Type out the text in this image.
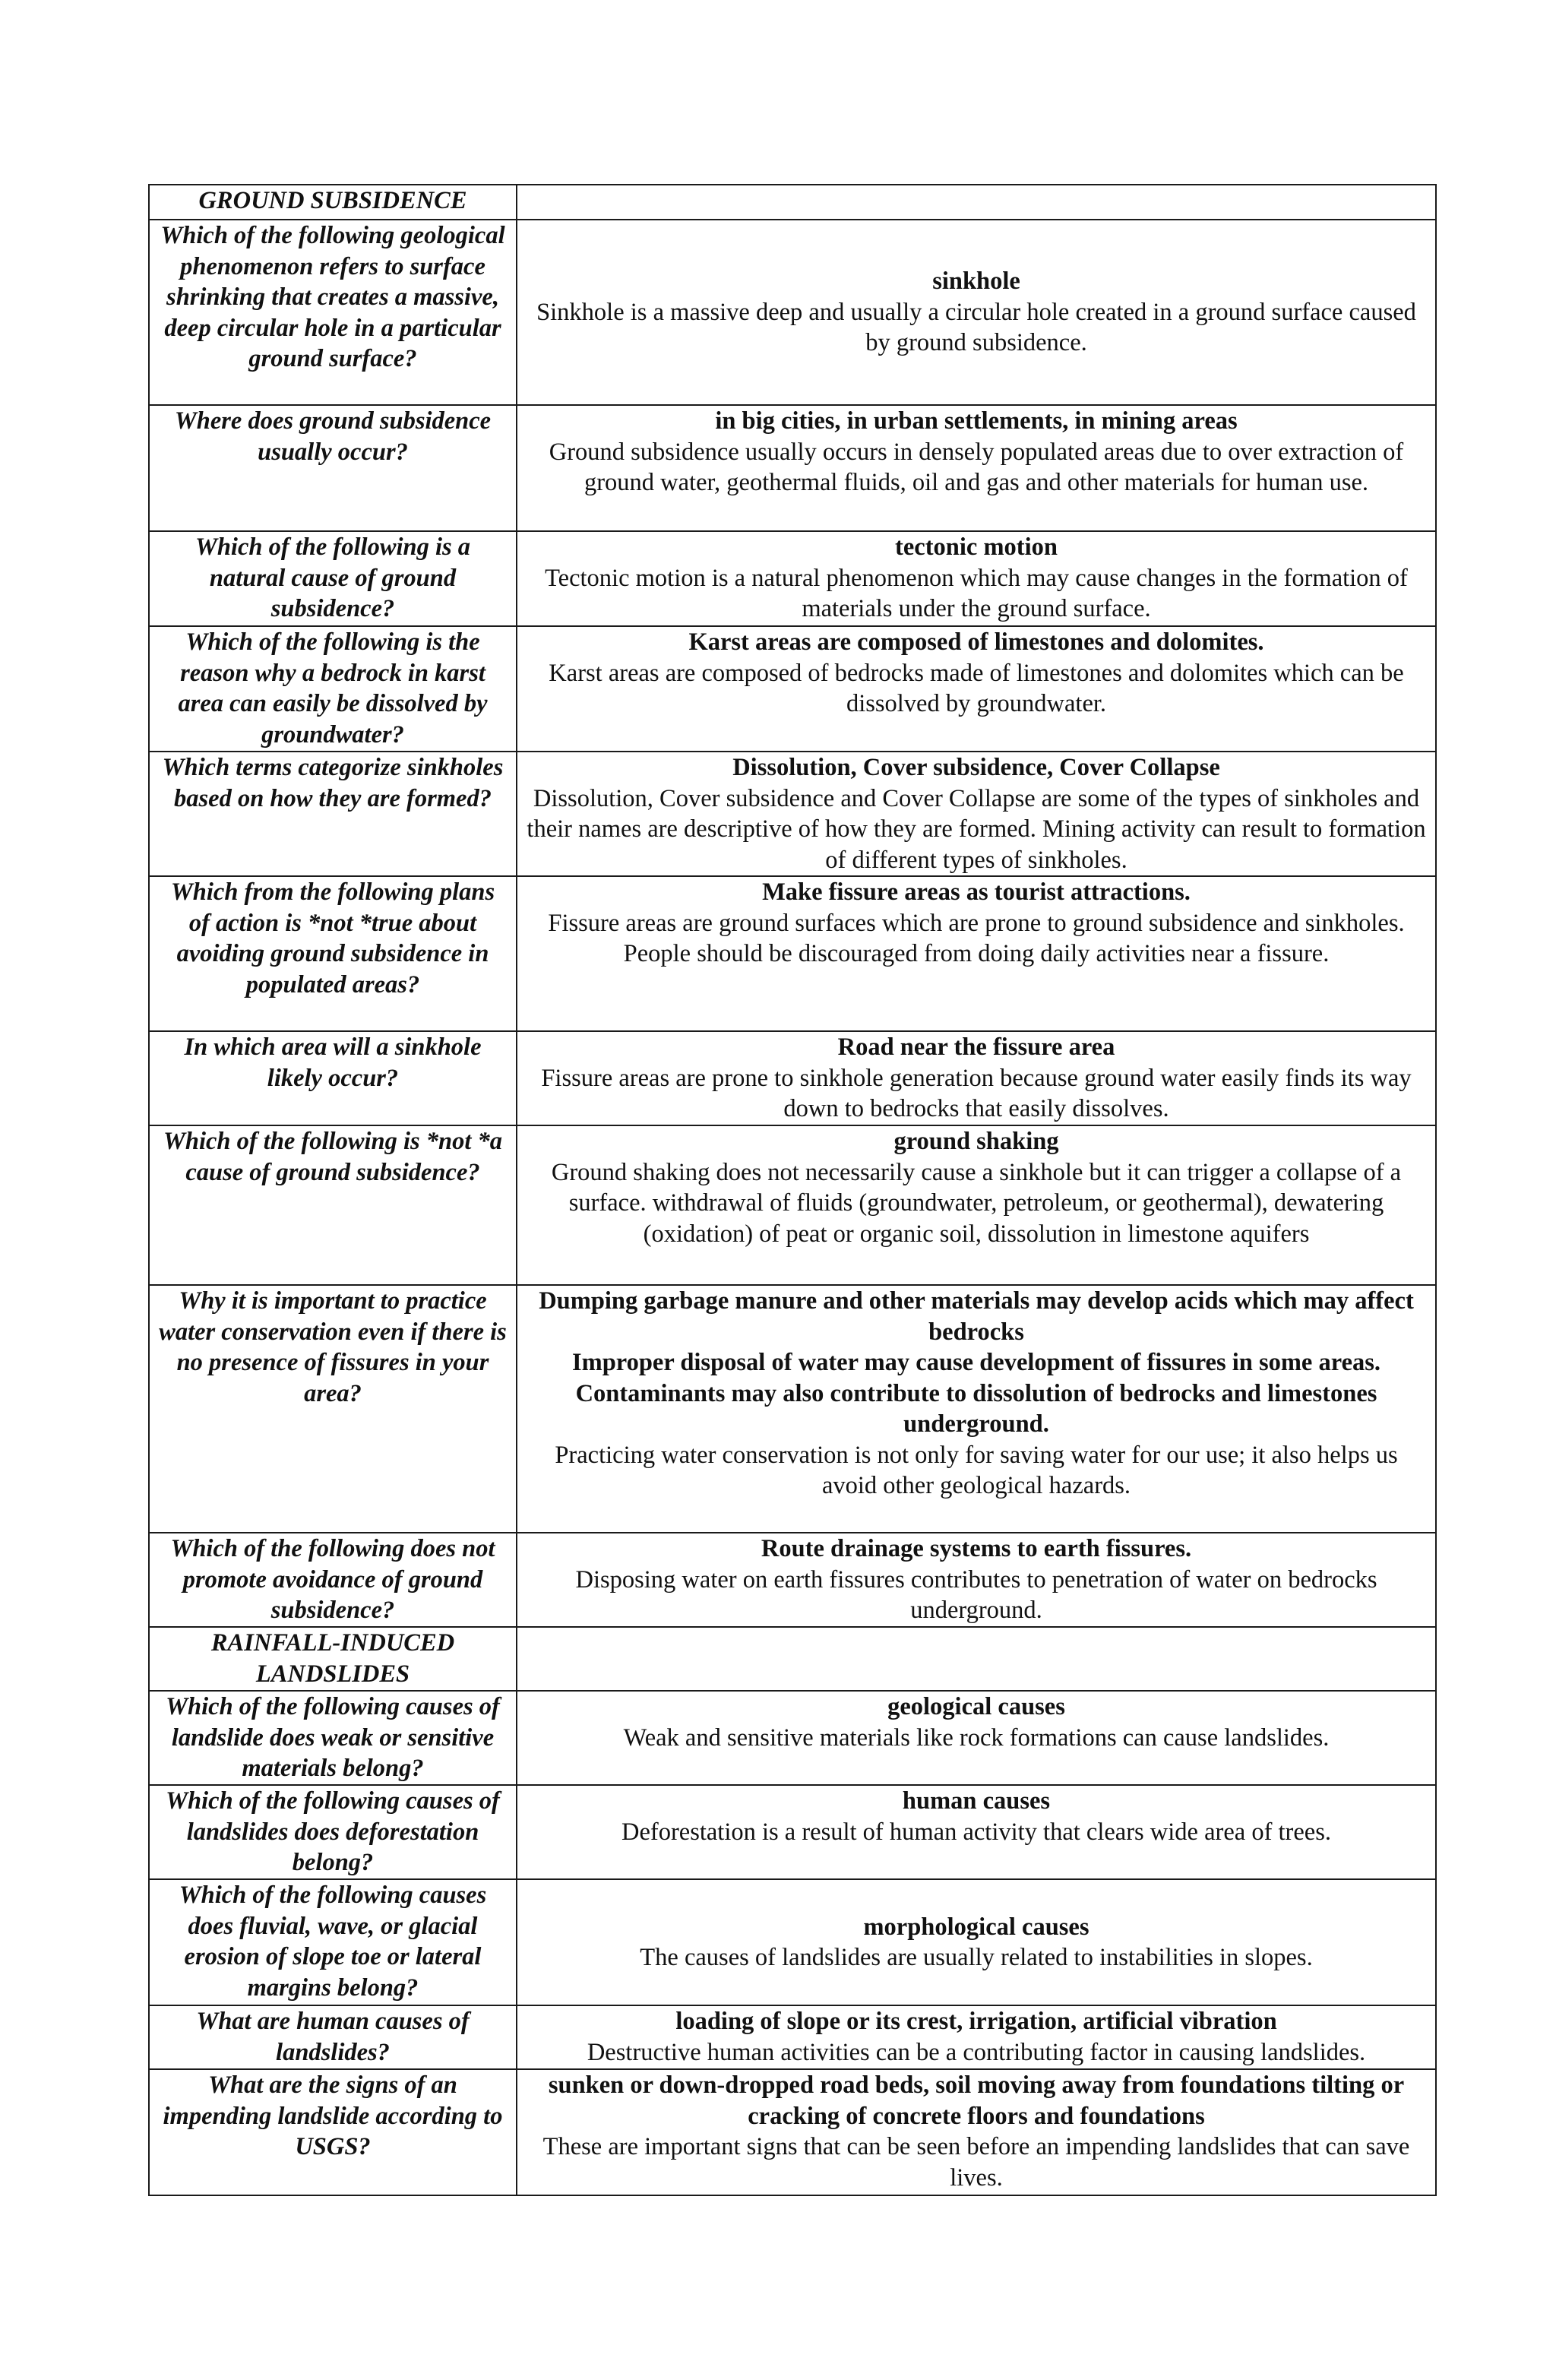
GROUND SUBSIDENCE	
Which of the following geological phenomenon refers to surface shrinking that creates a massive, deep circular hole in a particular ground surface?	sinkhole
Sinkhole is a massive deep and usually a circular hole created in a ground surface caused by ground subsidence.

Where does ground subsidence usually occur?	in big cities, in urban settlements, in mining areas
Ground subsidence usually occurs in densely populated areas due to over extraction of ground water, geothermal fluids, oil and gas and other materials for human use.

Which of the following is a natural cause of ground subsidence?	tectonic motion
Tectonic motion is a natural phenomenon which may cause changes in the formation of materials under the ground surface.

Which of the following is the reason why a bedrock in karst area can easily be dissolved by groundwater?	Karst areas are composed of limestones and dolomites.
Karst areas are composed of bedrocks made of limestones and dolomites which can be dissolved by groundwater.

Which terms categorize sinkholes based on how they are formed?	Dissolution, Cover subsidence, Cover Collapse
Dissolution, Cover subsidence and Cover Collapse are some of the types of sinkholes and their names are descriptive of how they are formed. Mining activity can result to formation of different types of sinkholes.

Which from the following plans of action is *not *true about avoiding ground subsidence in populated areas?	Make fissure areas as tourist attractions.
Fissure areas are ground surfaces which are prone to ground subsidence and sinkholes. People should be discouraged from doing daily activities near a fissure.

In which area will a sinkhole likely occur?	Road near the fissure area
Fissure areas are prone to sinkhole generation because ground water easily finds its way down to bedrocks that easily dissolves.

Which of the following is *not *a cause of ground subsidence?	ground shaking
Ground shaking does not necessarily cause a sinkhole but it can trigger a collapse of a surface. withdrawal of fluids (groundwater, petroleum, or geothermal), dewatering (oxidation) of peat or organic soil, dissolution in limestone aquifers

Why it is important to practice water conservation even if there is no presence of fissures in your area?	Dumping garbage manure and other materials may develop acids which may affect bedrocks
Improper disposal of water may cause development of fissures in some areas.
Contaminants may also contribute to dissolution of bedrocks and limestones underground.
Practicing water conservation is not only for saving water for our use; it also helps us avoid other geological hazards.

Which of the following does not promote avoidance of ground subsidence?	Route drainage systems to earth fissures.
Disposing water on earth fissures contributes to penetration of water on bedrocks underground.

RAINFALL-INDUCED LANDSLIDES	
Which of the following causes of landslide does weak or sensitive materials belong?	geological causes
Weak and sensitive materials like rock formations can cause landslides.

Which of the following causes of landslides does deforestation belong?	human causes
Deforestation is a result of human activity that clears wide area of trees.

Which of the following causes does fluvial, wave, or glacial erosion of slope toe or lateral margins belong?	morphological causes
The causes of landslides are usually related to instabilities in slopes.

What are human causes of landslides?	loading of slope or its crest, irrigation, artificial vibration
Destructive human activities can be a contributing factor in causing landslides.

What are the signs of an impending landslide according to USGS?	sunken or down-dropped road beds, soil moving away from foundations tilting or cracking of concrete floors and foundations
These are important signs that can be seen before an impending landslides that can save lives.
